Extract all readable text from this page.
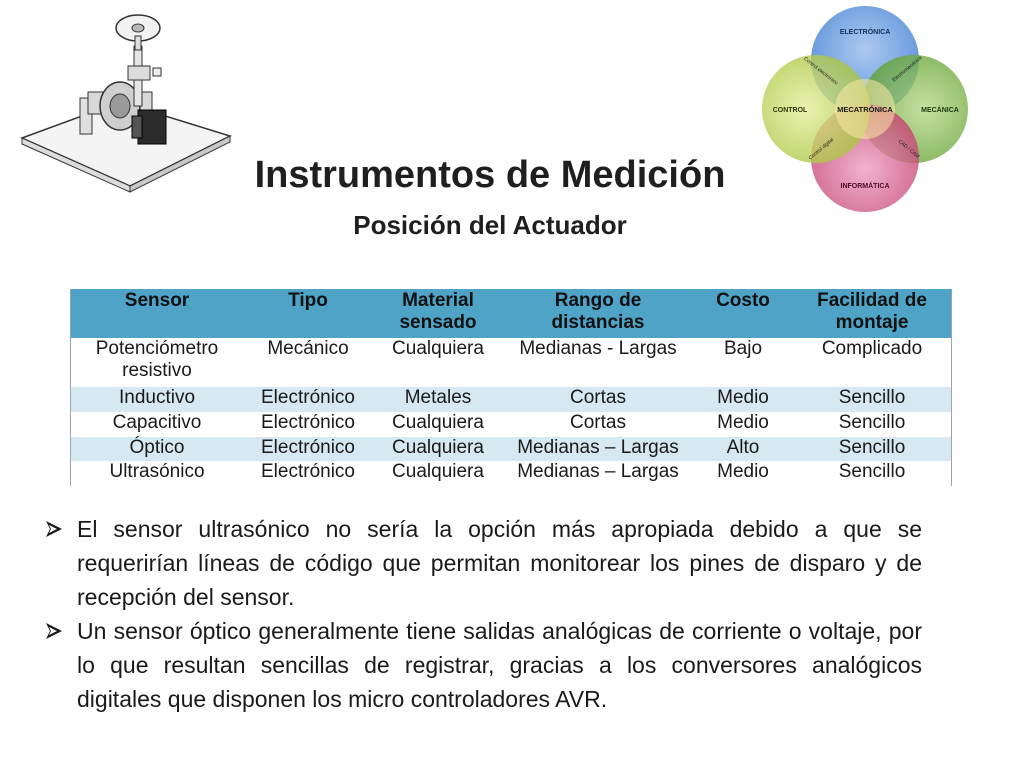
ELECTRÓNICA
MECÁNICA
INFORMÁTICA
CONTROL	MECATRÓNICA
Control electrónico	Electromecánica
Control digital	CAD / CAM
Instrumentos de Medición
Posición del Actuador
Sensor	Tipo	Material sensado	Rango de distancias	Costo	Facilidad de montaje
Potenciómetro resistivo	Mecánico	Cualquiera	Medianas - Largas	Bajo	Complicado
Inductivo	Electrónico	Metales	Cortas	Medio	Sencillo
Capacitivo	Electrónico	Cualquiera	Cortas	Medio	Sencillo
Óptico	Electrónico	Cualquiera	Medianas – Largas	Alto	Sencillo
Ultrasónico	Electrónico	Cualquiera	Medianas – Largas	Medio	Sencillo
El sensor ultrasónico no sería la opción más apropiada debido a que se requerirían líneas de código que permitan monitorear los pines de disparo y de recepción del sensor.
Un sensor óptico generalmente tiene salidas analógicas de corriente o voltaje, por lo que resultan sencillas de registrar, gracias a los conversores analógicos digitales que disponen los micro controladores AVR.
